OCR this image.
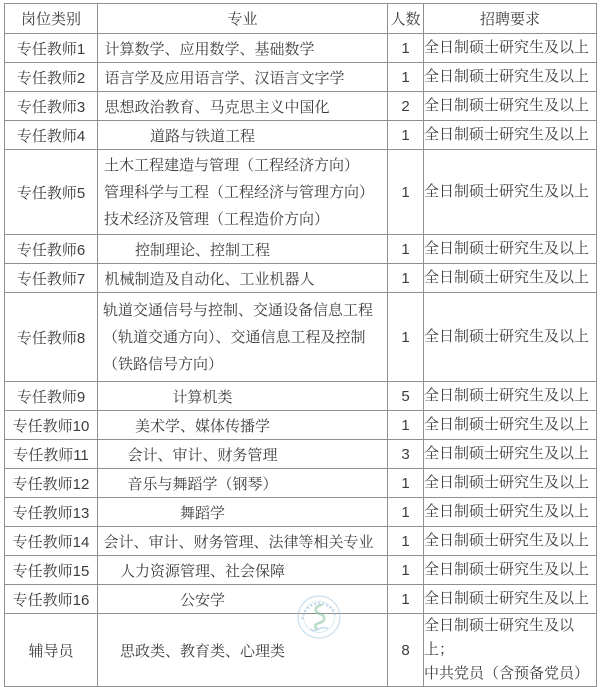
岗位类别	专业	人数	招聘要求
专任教师1	计算数学、应用数学、基础数学	1	全日制硕士研究生及以上
专任教师2	语言学及应用语言学、汉语言文字学	1	全日制硕士研究生及以上
专任教师3	思想政治教育、马克思主义中国化	2	全日制硕士研究生及以上
专任教师4	道路与铁道工程	1	全日制硕士研究生及以上
专任教师5	土木工程建造与管理（工程经济方向）
管理科学与工程（工程经济与管理方向）
技术经济及管理（工程造价方向）	1	全日制硕士研究生及以上
专任教师6	控制理论、控制工程	1	全日制硕士研究生及以上
专任教师7	机械制造及自动化、工业机器人	1	全日制硕士研究生及以上
专任教师8	轨道交通信号与控制、交通设备信息工程（轨道交通方向）、交通信息工程及控制（铁路信号方向）	1	全日制硕士研究生及以上
专任教师9	计算机类	5	全日制硕士研究生及以上
专任教师10	美术学、媒体传播学	1	全日制硕士研究生及以上
专任教师11	会计、审计、财务管理	3	全日制硕士研究生及以上
专任教师12	音乐与舞蹈学（钢琴）	1	全日制硕士研究生及以上
专任教师13	舞蹈学	1	全日制硕士研究生及以上
专任教师14	会计、审计、财务管理、法律等相关专业	1	全日制硕士研究生及以上
专任教师15	人力资源管理、社会保障	1	全日制硕士研究生及以上
专任教师16	公安学	1	全日制硕士研究生及以上
辅导员	思政类、教育类、心理类	8	全日制硕士研究生及以上；
中共党员（含预备党员）
